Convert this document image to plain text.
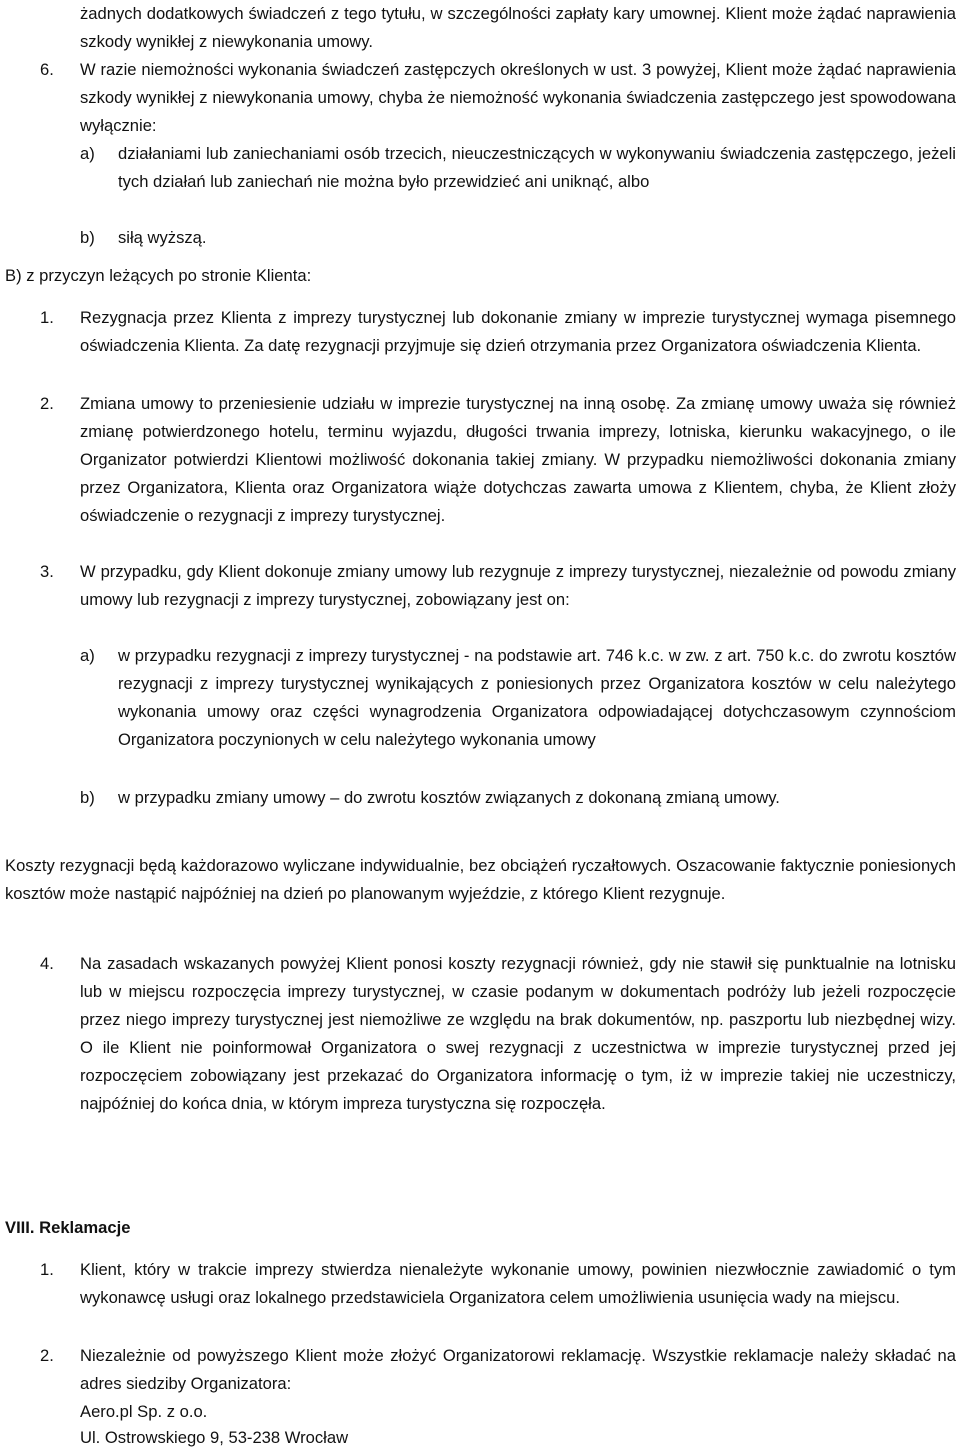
żadnych dodatkowych świadczeń z tego tytułu, w szczególności zapłaty kary umownej. Klient może żądać naprawienia szkody wynikłej z niewykonania umowy.

6. W razie niemożności wykonania świadczeń zastępczych określonych w ust. 3 powyżej, Klient może żądać naprawienia szkody wynikłej z niewykonania umowy, chyba że niemożność wykonania świadczenia zastępczego jest spowodowana wyłącznie:

a) działaniami lub zaniechaniami osób trzecich, nieuczestniczących w wykonywaniu świadczenia zastępczego, jeżeli tych działań lub zaniechań nie można było przewidzieć ani uniknąć, albo

b) siłą wyższą.

B) z przyczyn leżących po stronie Klienta:

1. Rezygnacja przez Klienta z imprezy turystycznej lub dokonanie zmiany w imprezie turystycznej wymaga pisemnego oświadczenia Klienta. Za datę rezygnacji przyjmuje się dzień otrzymania przez Organizatora oświadczenia Klienta.

2. Zmiana umowy to przeniesienie udziału w imprezie turystycznej na inną osobę. Za zmianę umowy uważa się również zmianę potwierdzonego hotelu, terminu wyjazdu, długości trwania imprezy, lotniska, kierunku wakacyjnego, o ile Organizator potwierdzi Klientowi możliwość dokonania takiej zmiany. W przypadku niemożliwości dokonania zmiany przez Organizatora, Klienta oraz Organizatora wiąże dotychczas zawarta umowa z Klientem, chyba, że Klient złoży oświadczenie o rezygnacji z imprezy turystycznej.

3. W przypadku, gdy Klient dokonuje zmiany umowy lub rezygnuje z imprezy turystycznej, niezależnie od powodu zmiany umowy lub rezygnacji z imprezy turystycznej, zobowiązany jest on:

a) w przypadku rezygnacji z imprezy turystycznej - na podstawie art. 746 k.c. w zw. z art. 750 k.c. do zwrotu kosztów rezygnacji z imprezy turystycznej wynikających z poniesionych przez Organizatora kosztów w celu należytego wykonania umowy oraz części wynagrodzenia Organizatora odpowiadającej dotychczasowym czynnościom Organizatora poczynionych w celu należytego wykonania umowy

b) w przypadku zmiany umowy – do zwrotu kosztów związanych z dokonaną zmianą umowy.

Koszty rezygnacji będą każdorazowo wyliczane indywidualnie, bez obciążeń ryczałtowych. Oszacowanie faktycznie poniesionych kosztów może nastąpić najpóźniej na dzień po planowanym wyjeździe, z którego Klient rezygnuje.

4. Na zasadach wskazanych powyżej Klient ponosi koszty rezygnacji również, gdy nie stawił się punktualnie na lotnisku lub w miejscu rozpoczęcia imprezy turystycznej, w czasie podanym w dokumentach podróży lub jeżeli rozpoczęcie przez niego imprezy turystycznej jest niemożliwe ze względu na brak dokumentów, np. paszportu lub niezbędnej wizy. O ile Klient nie poinformował Organizatora o swej rezygnacji z uczestnictwa w imprezie turystycznej przed jej rozpoczęciem zobowiązany jest przekazać do Organizatora informację o tym, iż w imprezie takiej nie uczestniczy, najpóźniej do końca dnia, w którym impreza turystyczna się rozpoczęła.

VIII. Reklamacje

1. Klient, który w trakcie imprezy stwierdza nienależyte wykonanie umowy, powinien niezwłocznie zawiadomić o tym wykonawcę usługi oraz lokalnego przedstawiciela Organizatora celem umożliwienia usunięcia wady na miejscu.

2. Niezależnie od powyższego Klient może złożyć Organizatorowi reklamację. Wszystkie reklamacje należy składać na adres siedziby Organizatora:

Aero.pl Sp. z o.o.

Ul. Ostrowskiego 9, 53-238 Wrocław
